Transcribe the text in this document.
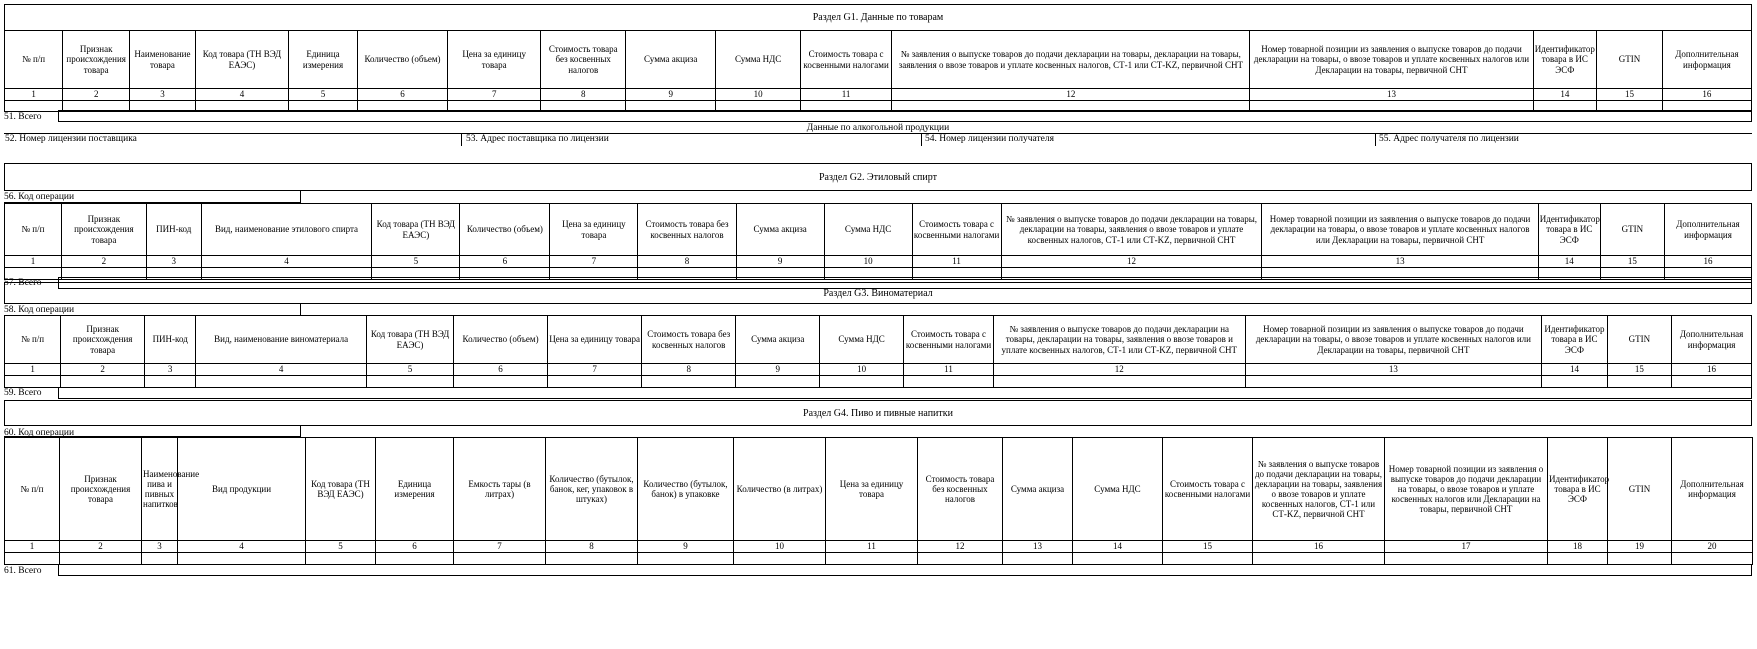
Раздел G1. Данные по товарам
№ п/п	Признак происхождения товара	Наименование товара	Код товара (ТН ВЭД ЕАЭС)	Единица измерения	Количество (объем)	Цена за единицу товара	Стоимость товара без косвенных налогов	Сумма акциза	Сумма НДС	Стоимость товара с косвенными налогами	№ заявления о выпуске товаров до подачи декларации на товары, декларации на товары, заявления о ввозе товаров и уплате косвенных налогов, СТ-1 или СТ-KZ, первичной СНТ	Номер товарной позиции из заявления о выпуске товаров до подачи декларации на товары, о ввозе товаров и уплате косвенных налогов или Декларации на товары, первичной СНТ	Идентификатор товара в ИС ЭСФ	GTIN	Дополнительная информация
1	2	3	4	5	6	7	8	9	10	11	12	13	14	15	16

51. Всего
Данные по алкогольной продукции
52. Номер лицензии поставщика	53. Адрес поставщика по лицензии	54. Номер лицензии получателя	55. Адрес получателя по лицензии
Раздел G2. Этиловый спирт
56. Код операции
№ п/п	Признак происхождения товара	ПИН-код	Вид, наименование этилового спирта	Код товара (ТН ВЭД ЕАЭС)	Количество (объем)	Цена за единицу товара	Стоимость товара без косвенных налогов	Сумма акциза	Сумма НДС	Стоимость товара с косвенными налогами	№ заявления о выпуске товаров до подачи декларации на товары, декларации на товары, заявления о ввозе товаров и уплате косвенных налогов, СТ-1 или СТ-KZ, первичной СНТ	Номер товарной позиции из заявления о выпуске товаров до подачи декларации на товары, о ввозе товаров и уплате косвенных налогов или Декларации на товары, первичной СНТ	Идентификатор товара в ИС ЭСФ	GTIN	Дополнительная информация
1	2	3	4	5	6	7	8	9	10	11	12	13	14	15	16

57. Всего
Раздел G3. Виноматериал
58. Код операции
№ п/п	Признак происхождения товара	ПИН-код	Вид, наименование виноматериала	Код товара (ТН ВЭД ЕАЭС)	Количество (объем)	Цена за единицу товара	Стоимость товара без косвенных налогов	Сумма акциза	Сумма НДС	Стоимость товара с косвенными налогами	№ заявления о выпуске товаров до подачи декларации на товары, декларации на товары, заявления о ввозе товаров и уплате косвенных налогов, СТ-1 или СТ-KZ, первичной СНТ	Номер товарной позиции из заявления о выпуске товаров до подачи декларации на товары, о ввозе товаров и уплате косвенных налогов или Декларации на товары, первичной СНТ	Идентификатор товара в ИС ЭСФ	GTIN	Дополнительная информация
1	2	3	4	5	6	7	8	9	10	11	12	13	14	15	16

59. Всего
Раздел G4. Пиво и пивные напитки
60. Код операции
№ п/п	Признак происхождения товара	Наименование пива и пивных напитков	Вид продукции	Код товара (ТН ВЭД ЕАЭС)	Единица измерения	Емкость тары (в литрах)	Количество (бутылок, банок, кег, упаковок в штуках)	Количество (бутылок, банок) в упаковке	Количество (в литрах)	Цена за единицу товара	Стоимость товара без косвенных налогов	Сумма акциза	Сумма НДС	Стоимость товара с косвенными налогами	№ заявления о выпуске товаров до подачи декларации на товары, декларации на товары, заявления о ввозе товаров и уплате косвенных налогов, СТ-1 или СТ-KZ, первичной СНТ	Номер товарной позиции из заявления о выпуске товаров до подачи декларации на товары, о ввозе товаров и уплате косвенных налогов или Декларации на товары, первичной СНТ	Идентификатор товара в ИС ЭСФ	GTIN	Дополнительная информация
1	2	3	4	5	6	7	8	9	10	11	12	13	14	15	16	17	18	19	20

61. Всего
